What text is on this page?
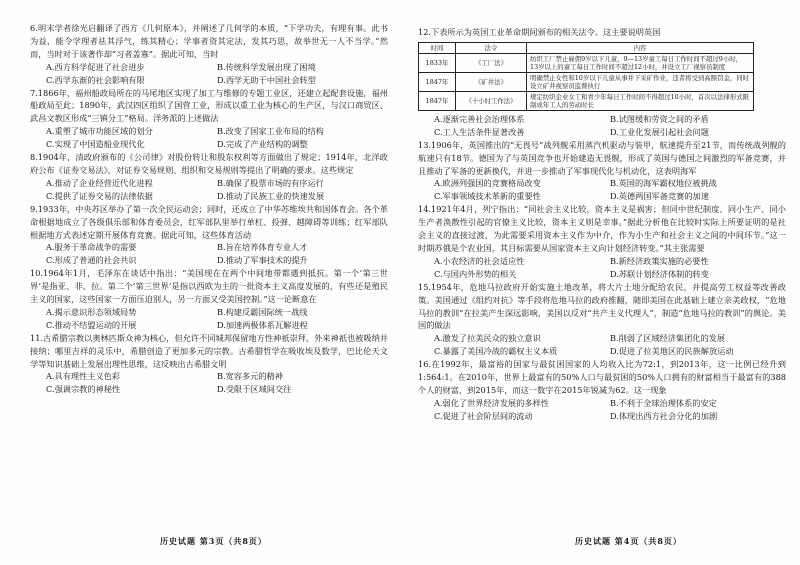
6.明末学者徐光启翻译了西方《几何原本》，并阐述了几何学的本质，“下学功夫，有理有事。此书为益，能令学理者祛其浮气，练其精心；学事者资其定法，发其巧思，故举世无一人不当学。”然而，当时对于该著作却“习者盖寡”。据此可知，当时
A.西方科学促进了社会进步	B.传统科学发展出现了困境
C.西学东渐的社会影响有限	D.西学无助于中国社会转型
7.1866年，福州船政局所在的马尾地区实现了加工与维修的专题工业区，还建立起配套设施，福州船政局至此；1890年，武汉四区组织了国营工业，形成以重工业为核心的生产区，与汉口商贸区、武昌文教区形成“三镇分工”格局。洋务派的上述做法
A.重塑了城市功能区域的划分	B.改变了国家工业布局的结构
C.实现了中国造船业现代化	D.完成了产业结构的调整
8.1904年，清政府颁布的《公司律》对股份转让和股东权利等方面做出了规定；1914年，北洋政府公布《证券交易法》，对证券交易规则、组织和交易规则等提出了明确的要求。这些规定
A.推动了企业经营近代化进程	B.确保了股票市场的有序运行
C.提供了证券交易的法律依据	D.推动了民族工业的快速发展
9.1933年，中央苏区举办了第一次全民运动会；同时，还成立了中华苏维埃共和国体育会。各个革命根据地成立了各级俱乐部和体育委员会，红军部队里举行单杠、投弹、越障碍等训练；红军部队根据地方式表述定期开展体育竞赛。据此可知，这些体育活动
A.服务于革命战争的需要	B.旨在培养体育专业人才
C.形成了普通的社会共识	D.推动了军事技术的提升
10.1964年1月，毛泽东在谈话中指出：“美国现在在两个中间地带都遇到抵抗。第一个‘第三世界’是指亚、非、拉。第二个‘第三世界’是指以西欧为主的一批资本主义高度发展的，有些还是殖民主义的国家，这些国家一方面压迫别人，另一方面又受美国控制。”这一论断意在
A.揭示意识形态领域局势	B.构建反霸国际统一战线
C.推动不结盟运动的开展	D.加速两极体系瓦解进程
11.古希腊宗教以奥林匹斯众神为核心，但允许不同城邦保留地方性神祇崇拜，外来神祇也被吸纳并接纳；哪里吉祥的灵乐中，希腊创造了更加多元的宗教。古希腊哲学在吸收埃及数学，巴比伦天文学等知识基础上发展出理性思维，这反映出古希腊文明
A.具有理性主义色彩	B.宽容多元的精神
C.强调宗教的神秘性	D.受限于区域间交往
历史试题 第3页（共8页）
12.下表所示为英国工业革命期间颁布的相关法令。这主要说明英国
时间	法令	内容
1833年	《工厂法》	纺织工厂禁止雇佣9岁以下儿童，9—13岁童工每日工作时间不超过9小时，13岁以上的童工每日工作时间不超过12小时，并设立工厂视察员制度
1847年	《矿井法》	明确禁止女性和10岁以下儿童从事井下采矿作业，违者将受到高额罚金，同时设立矿井视察员监督执行
1847年	《十小时工作法》	规定纺织企业女工和青少年每日工作时间不得超过10小时，首次以法律形式限制成年工人的劳动时长
A.逐渐完善社会治理体系	B.试图缓和劳资之间的矛盾
C.工人生活条件显著改善	D.工业化发展引起社会问题
13.1906年，英国推出的“无畏号”战列舰采用蒸汽机驱动与装甲，航速提升至21节，而传统战列舰的航速只有18节。德国为了与英国竞争也开始建造无畏舰，形成了英国与德国之间激烈的军备竞赛，并且推动了军备的更新换代，并进一步推动了军事现代化与机动化，这表明海军
A.欧洲列强国的竞赛格局改变	B.英国的海军霸权地位被挑战
C.军事领域技术革新的重要性	D.英德两国军备竞赛的加速
14.1921年4月，列宁指出：“同社会主义比较，资本主义是祸害；但同中世纪制度、同小生产、同小生产者涣散性引起的官僚主义比较，资本主义则是幸事。”据此分析他在比较时实际上所要证明的是社会主义的直接过渡，为此需要采用资本主义作为中介，作为小生产和社会主义之间的中间环节。”这一时期苏俄是个农业国，其目标需要从国家资本主义向计划经济转变。”其主张需要
A.小农经济的社会适应性	B.新经济政策实施的必要性
C.与国内外形势的相关	D.苏联计划经济体制的转变
15.1954年，危地马拉政府开始实施土地改革，将大片土地分配给农民，并提高劳工权益等改善政策。美国通过《组约对抗》等手段将危地马拉的政府推翻，随即美国在此基础上建立亲美政权，“危地马拉的教训”在拉美产生深远影响，美国以反对“共产主义代理人”，制造“危地马拉的教训”的舆论。美国的做法
A.激发了拉美民众的独立意识	B.削弱了区域经济集团化的发展
C.暴露了美国冷战的霸权主义本质	D.促进了拉美地区的民族解放运动
16.在1992年，最富裕的国家与最贫困国家的人均收入比为72:1，到2013年，这一比例已经升到1:564:1。在2010年，世界上最富有的50%人口与最贫困的50%人口拥有的财富相当于最富有的388个人的财富，到2015年，而这一数字在2015年锐减为62。这一现象
A.弱化了世界经济发展的多样性	B.不利于全球治理体系的安定
C.促进了社会阶层间的流动	D.体现出西方社会分化的加剧
历史试题 第4页（共8页）
